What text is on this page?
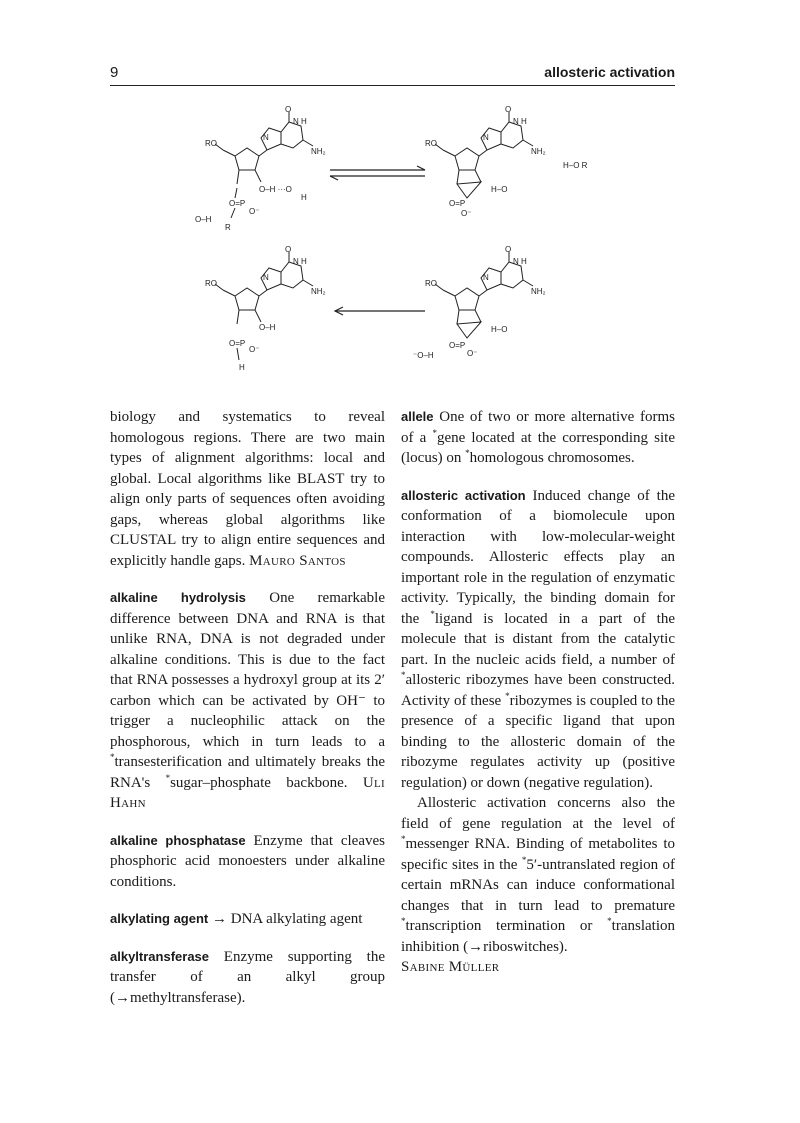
9	allosteric activation
RO
N
N H
O
NH₂
O–H ···O
H
O=P
O⁻
O–H
R
RO
N
N H
O
NH₂
O=P
O⁻
H–O
H–O R
RO
N
N H
O
NH₂
O–H
O=P
O⁻
H
RO
N
N H
O
NH₂
O=P
O⁻
⁻O–H
H–O

biology and systematics to reveal homologous regions. There are two main types of alignment algorithms: local and global. Local algorithms like BLAST try to align only parts of sequences often avoiding gaps, whereas global algorithms like CLUSTAL try to align entire sequences and explicitly handle gaps. Mauro Santos

alkaline hydrolysis One remarkable difference between DNA and RNA is that unlike RNA, DNA is not degraded under alkaline conditions. This is due to the fact that RNA possesses a hydroxyl group at its 2′ carbon which can be activated by OH⁻ to trigger a nucleophilic attack on the phosphorous, which in turn leads to a *transesterification and ultimately breaks the RNA's *sugar–phosphate backbone. Uli Hahn

alkaline phosphatase Enzyme that cleaves phosphoric acid monoesters under alkaline conditions.

alkylating agent → DNA alkylating agent

alkyltransferase Enzyme supporting the transfer of an alkyl group (→methyltransferase).

allele One of two or more alternative forms of a *gene located at the corresponding site (locus) on *homologous chromosomes.

allosteric activation Induced change of the conformation of a biomolecule upon interaction with low-molecular-weight compounds. Allosteric effects play an important role in the regulation of enzymatic activity. Typically, the binding domain for the *ligand is located in a part of the molecule that is distant from the catalytic part. In the nucleic acids field, a number of *allosteric ribozymes have been constructed. Activity of these *ribozymes is coupled to the presence of a specific ligand that upon binding to the allosteric domain of the ribozyme regulates activity up (positive regulation) or down (negative regulation).

Allosteric activation concerns also the field of gene regulation at the level of *messenger RNA. Binding of metabolites to specific sites in the *5′-untranslated region of certain mRNAs can induce conformational changes that in turn lead to premature *transcription termination or *translation inhibition (→riboswitches).

Sabine Müller
